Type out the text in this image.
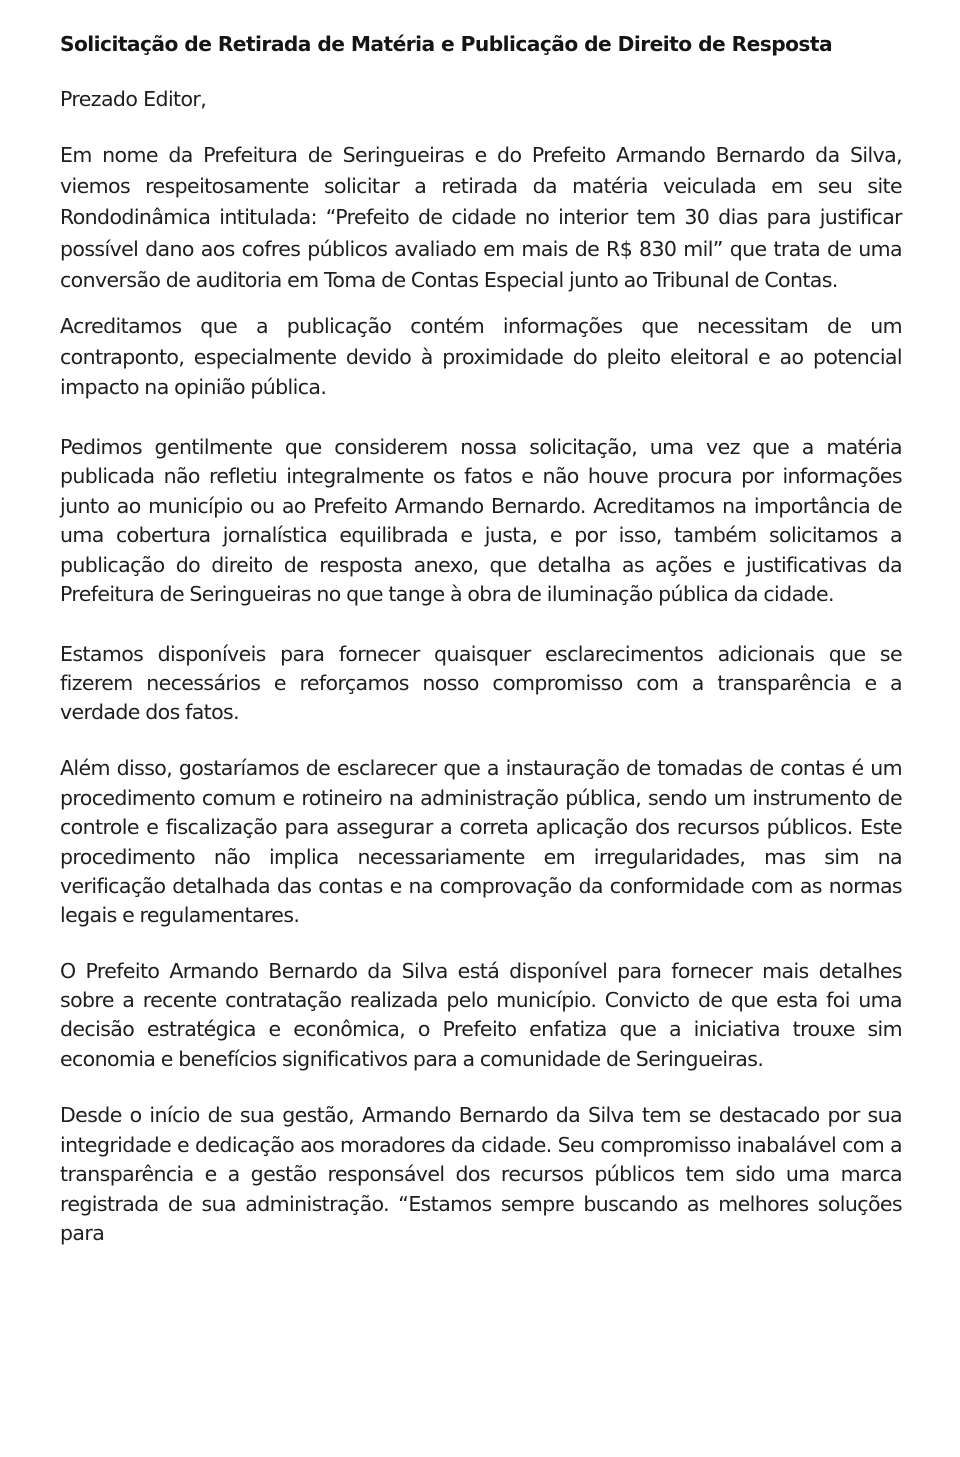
Solicitação de Retirada de Matéria e Publicação de Direito de Resposta

Prezado Editor,

Em nome da Prefeitura de Seringueiras e do Prefeito Armando Bernardo da Silva, viemos respeitosamente solicitar a retirada da matéria veiculada em seu site Rondodinâmica intitulada: “Prefeito de cidade no interior tem 30 dias para justificar possível dano aos cofres públicos avaliado em mais de R$ 830 mil” que trata de uma conversão de auditoria em Toma de Contas Especial junto ao Tribunal de Contas.

Acreditamos que a publicação contém informações que necessitam de um contraponto, especialmente devido à proximidade do pleito eleitoral e ao potencial impacto na opinião pública.

Pedimos gentilmente que considerem nossa solicitação, uma vez que a matéria publicada não refletiu integralmente os fatos e não houve procura por informações junto ao município ou ao Prefeito Armando Bernardo. Acreditamos na importância de uma cobertura jornalística equilibrada e justa, e por isso, também solicitamos a publicação do direito de resposta anexo, que detalha as ações e justificativas da Prefeitura de Seringueiras no que tange à obra de iluminação pública da cidade.

Estamos disponíveis para fornecer quaisquer esclarecimentos adicionais que se fizerem necessários e reforçamos nosso compromisso com a transparência e a verdade dos fatos.

Além disso, gostaríamos de esclarecer que a instauração de tomadas de contas é um procedimento comum e rotineiro na administração pública, sendo um instrumento de controle e fiscalização para assegurar a correta aplicação dos recursos públicos. Este procedimento não implica necessariamente em irregularidades, mas sim na verificação detalhada das contas e na comprovação da conformidade com as normas legais e regulamentares.

O Prefeito Armando Bernardo da Silva está disponível para fornecer mais detalhes sobre a recente contratação realizada pelo município. Convicto de que esta foi uma decisão estratégica e econômica, o Prefeito enfatiza que a iniciativa trouxe sim economia e benefícios significativos para a comunidade de Seringueiras.

Desde o início de sua gestão, Armando Bernardo da Silva tem se destacado por sua integridade e dedicação aos moradores da cidade. Seu compromisso inabalável com a transparência e a gestão responsável dos recursos públicos tem sido uma marca registrada de sua administração. “Estamos sempre buscando as melhores soluções para
